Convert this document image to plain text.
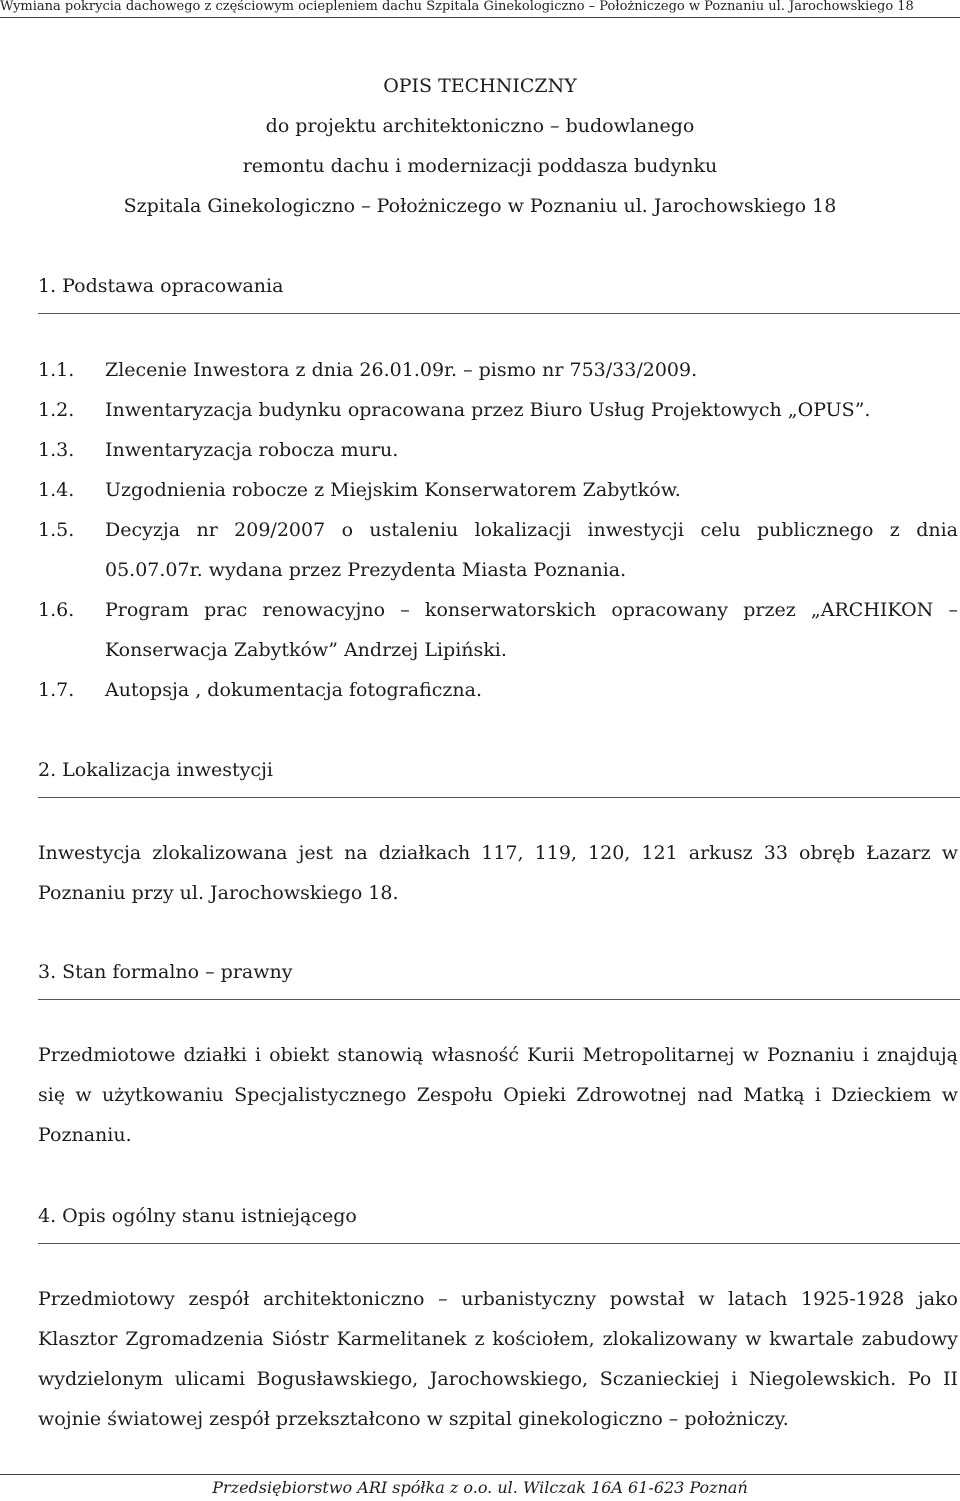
Wymiana pokrycia dachowego z częściowym ociepleniem dachu Szpitala Ginekologiczno – Położniczego w Poznaniu ul. Jarochowskiego 18
OPIS TECHNICZNY
do projektu architektoniczno – budowlanego
remontu dachu i modernizacji poddasza budynku
Szpitala Ginekologiczno – Położniczego w Poznaniu ul. Jarochowskiego 18
1. Podstawa opracowania
1.1.	Zlecenie Inwestora z dnia 26.01.09r. – pismo nr 753/33/2009.
1.2.	Inwentaryzacja budynku opracowana przez Biuro Usług Projektowych „OPUS”.
1.3.	Inwentaryzacja robocza muru.
1.4.	Uzgodnienia robocze z Miejskim Konserwatorem Zabytków.
1.5.	Decyzja nr 209/2007 o ustaleniu lokalizacji inwestycji celu publicznego z dnia 05.07.07r. wydana przez Prezydenta Miasta Poznania.
1.6.	Program prac renowacyjno – konserwatorskich opracowany przez „ARCHIKON – Konserwacja Zabytków” Andrzej Lipiński.
1.7.	Autopsja , dokumentacja fotograficzna.
2. Lokalizacja inwestycji
Inwestycja zlokalizowana jest na działkach 117, 119, 120, 121 arkusz 33 obręb Łazarz w Poznaniu przy ul. Jarochowskiego 18.
3. Stan formalno – prawny
Przedmiotowe działki i obiekt stanowią własność Kurii Metropolitarnej w Poznaniu i znajdują się w użytkowaniu Specjalistycznego Zespołu Opieki Zdrowotnej nad Matką i Dzieckiem w Poznaniu.
4. Opis ogólny stanu istniejącego
Przedmiotowy zespół architektoniczno – urbanistyczny powstał w latach 1925-1928 jako Klasztor Zgromadzenia Sióstr Karmelitanek z kościołem, zlokalizowany w kwartale zabudowy wydzielonym ulicami Bogusławskiego, Jarochowskiego, Sczanieckiej i Niegolewskich. Po II wojnie światowej zespół przekształcono w szpital ginekologiczno – położniczy.
Przedsiębiorstwo ARI spółka z o.o. ul. Wilczak 16A 61-623 Poznań
